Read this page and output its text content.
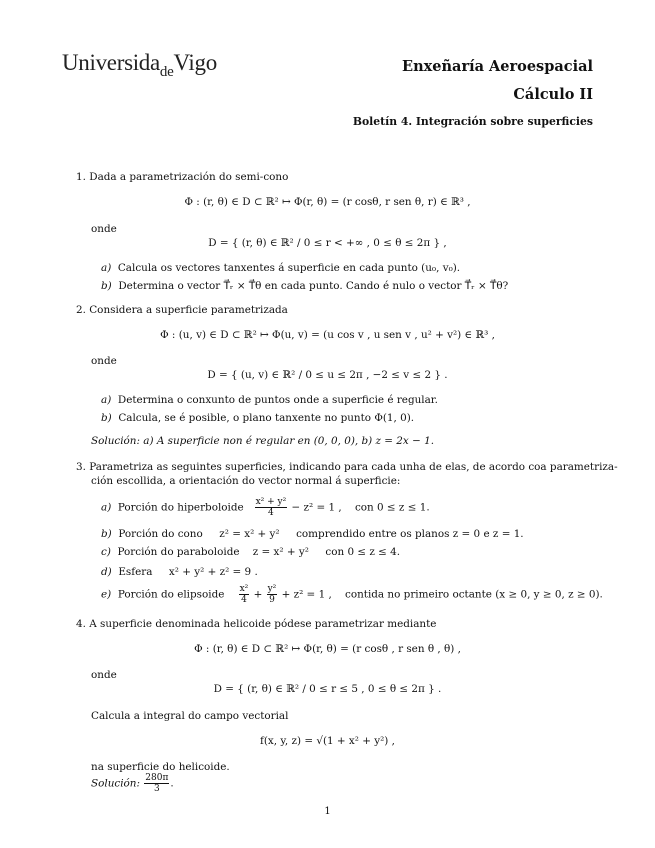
Universida$_{de}$Vigo	Enxeñaría Aeroespacial
Cálculo II
Boletín 4. Integración sobre superficies
1. Dada a parametrización do semi-cono
Φ : (r, θ) ∈ D ⊂ ℝ² ↦ Φ(r, θ) = (r cosθ, r sen θ, r) ∈ ℝ³ ,
onde
D = { (r, θ) ∈ ℝ² / 0 ≤ r < +∞ , 0 ≤ θ ≤ 2π } ,
a) Calcula os vectores tanxentes á superficie en cada punto (u₀, v₀).
b) Determina o vector T⃗ᵣ × T⃗θ en cada punto. Cando é nulo o vector T⃗ᵣ × T⃗θ?
2. Considera a superficie parametrizada
Φ : (u, v) ∈ D ⊂ ℝ² ↦ Φ(u, v) = (u cos v , u sen v , u² + v²) ∈ ℝ³ ,
onde
D = { (u, v) ∈ ℝ² / 0 ≤ u ≤ 2π , −2 ≤ v ≤ 2 } .
a) Determina o conxunto de puntos onde a superficie é regular.
b) Calcula, se é posible, o plano tanxente no punto Φ(1, 0).
Solución: a) A superficie non é regular en (0, 0, 0), b) z = 2x − 1.
3. Parametriza as seguintes superficies, indicando para cada unha de elas, de acordo coa parametriza-
ción escollida, a orientación do vector normal á superficie:
a) Porción do hiperboloide $\frac{\text{x² + y²}}{4} - z^2 = 1$ , con 0 ≤ z ≤ 1.
b) Porción do cono z² = x² + y² comprendido entre os planos z = 0 e z = 1.
c) Porción do paraboloide z = x² + y² con 0 ≤ z ≤ 4.
d) Esfera x² + y² + z² = 9 .
e) Porción do elipsoide $\frac{\text{x²}}{4} + \frac{\text{y²}}{9} + z^2 = 1$ , contida no primeiro octante (x ≥ 0, y ≥ 0, z ≥ 0).
4. A superficie denominada helicoide pódese parametrizar mediante
Φ : (r, θ) ∈ D ⊂ ℝ² ↦ Φ(r, θ) = (r cosθ , r sen θ , θ) ,
onde
D = { (r, θ) ∈ ℝ² / 0 ≤ r ≤ 5 , 0 ≤ θ ≤ 2π } .
Calcula a integral do campo vectorial
f(x, y, z) = √(1 + x² + y²) ,
na superficie do helicoide.
Solución: $\frac{280\pi}{3}$ .
1
